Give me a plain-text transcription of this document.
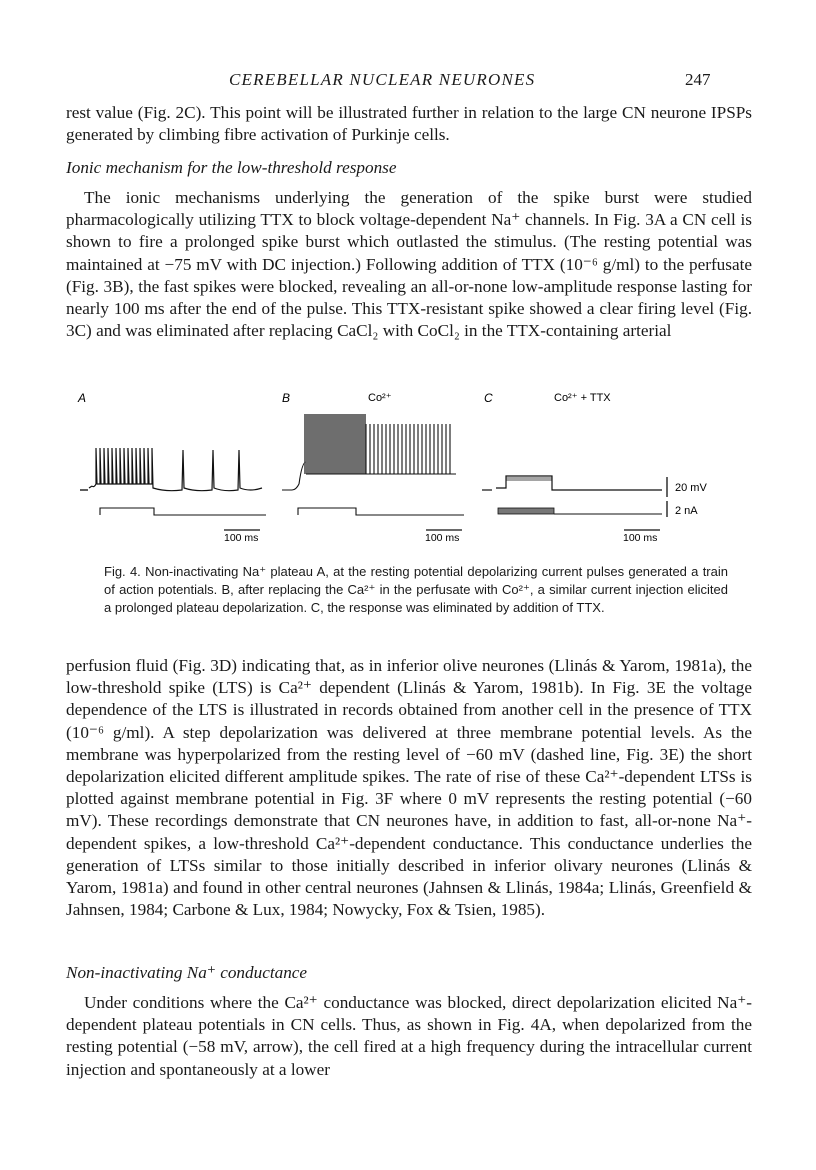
CEREBELLAR NUCLEAR NEURONES	247

rest value (Fig. 2C). This point will be illustrated further in relation to the large CN neurone IPSPs generated by climbing fibre activation of Purkinje cells.

Ionic mechanism for the low-threshold response

The ionic mechanisms underlying the generation of the spike burst were studied pharmacologically utilizing TTX to block voltage-dependent Na⁺ channels. In Fig. 3A a CN cell is shown to fire a prolonged spike burst which outlasted the stimulus. (The resting potential was maintained at −75 mV with DC injection.) Following addition of TTX (10⁻⁶ g/ml) to the perfusate (Fig. 3B), the fast spikes were blocked, revealing an all-or-none low-amplitude response lasting for nearly 100 ms after the end of the pulse. This TTX-resistant spike showed a clear firing level (Fig. 3C) and was eliminated after replacing CaCl₂ with CoCl₂ in the TTX-containing arterial

A	B	C
Co²⁺	Co²⁺ + TTX
20 mV
2 nA
100 ms	100 ms	100 ms

Fig. 4. Non-inactivating Na⁺ plateau A, at the resting potential depolarizing current pulses generated a train of action potentials. B, after replacing the Ca²⁺ in the perfusate with Co²⁺, a similar current injection elicited a prolonged plateau depolarization. C, the response was eliminated by addition of TTX.

perfusion fluid (Fig. 3D) indicating that, as in inferior olive neurones (Llinás & Yarom, 1981a), the low-threshold spike (LTS) is Ca²⁺ dependent (Llinás & Yarom, 1981b). In Fig. 3E the voltage dependence of the LTS is illustrated in records obtained from another cell in the presence of TTX (10⁻⁶ g/ml). A step depolarization was delivered at three membrane potential levels. As the membrane was hyperpolarized from the resting level of −60 mV (dashed line, Fig. 3E) the short depolarization elicited different amplitude spikes. The rate of rise of these Ca²⁺-dependent LTSs is plotted against membrane potential in Fig. 3F where 0 mV represents the resting potential (−60 mV). These recordings demonstrate that CN neurones have, in addition to fast, all-or-none Na⁺-dependent spikes, a low-threshold Ca²⁺-dependent conductance. This conductance underlies the generation of LTSs similar to those initially described in inferior olivary neurones (Llinás & Yarom, 1981a) and found in other central neurones (Jahnsen & Llinás, 1984a; Llinás, Greenfield & Jahnsen, 1984; Carbone & Lux, 1984; Nowycky, Fox & Tsien, 1985).

Non-inactivating Na⁺ conductance

Under conditions where the Ca²⁺ conductance was blocked, direct depolarization elicited Na⁺-dependent plateau potentials in CN cells. Thus, as shown in Fig. 4A, when depolarized from the resting potential (−58 mV, arrow), the cell fired at a high frequency during the intracellular current injection and spontaneously at a lower
